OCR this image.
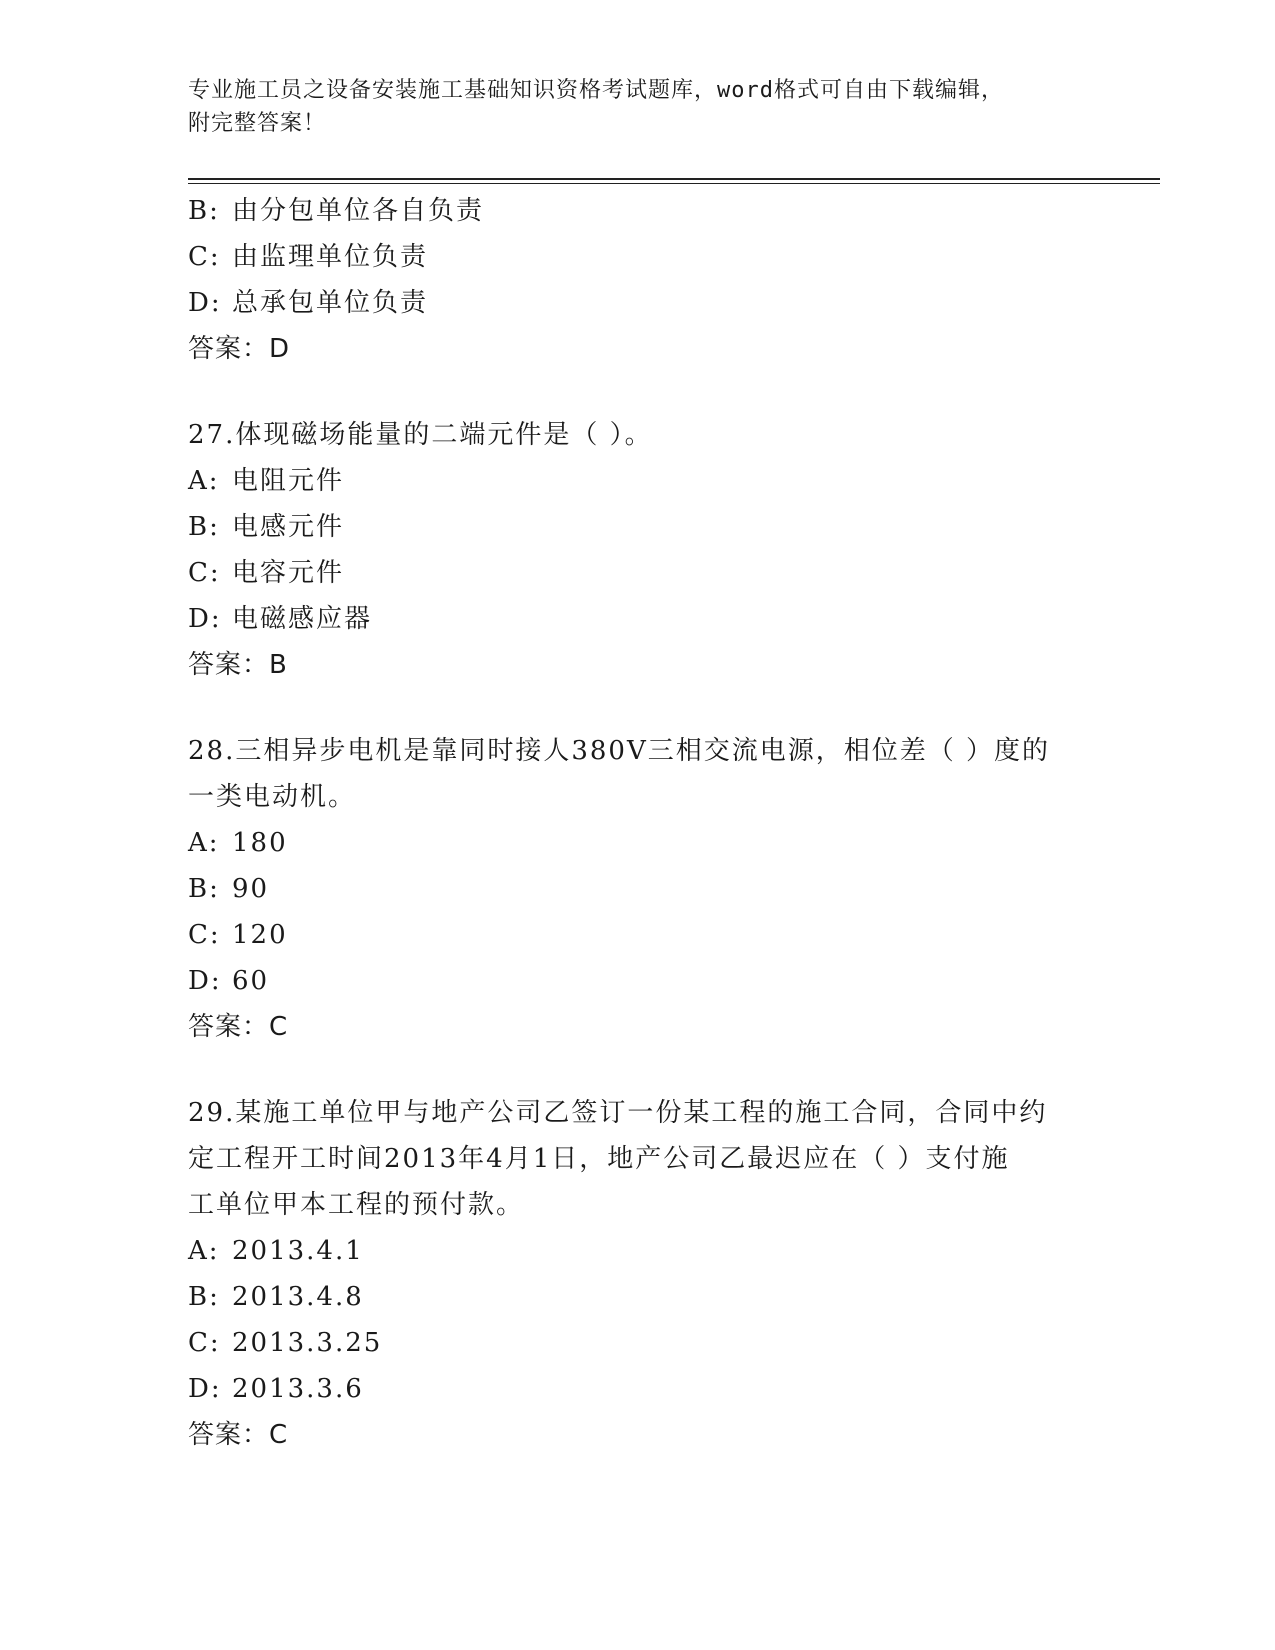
专业施工员之设备安装施工基础知识资格考试题库，word格式可自由下载编辑，
附完整答案！
B: 由分包单位各自负责
C: 由监理单位负责
D: 总承包单位负责
答案：D
27.体现磁场能量的二端元件是（ ）。
A: 电阻元件
B: 电感元件
C: 电容元件
D: 电磁感应器
答案：B
28.三相异步电机是靠同时接人380V三相交流电源，相位差（ ）度的
一类电动机。
A: 180
B: 90
C: 120
D: 60
答案：C
29.某施工单位甲与地产公司乙签订一份某工程的施工合同，合同中约
定工程开工时间2013年4月1日，地产公司乙最迟应在（ ）支付施
工单位甲本工程的预付款。
A: 2013.4.1
B: 2013.4.8
C: 2013.3.25
D: 2013.3.6
答案：C
